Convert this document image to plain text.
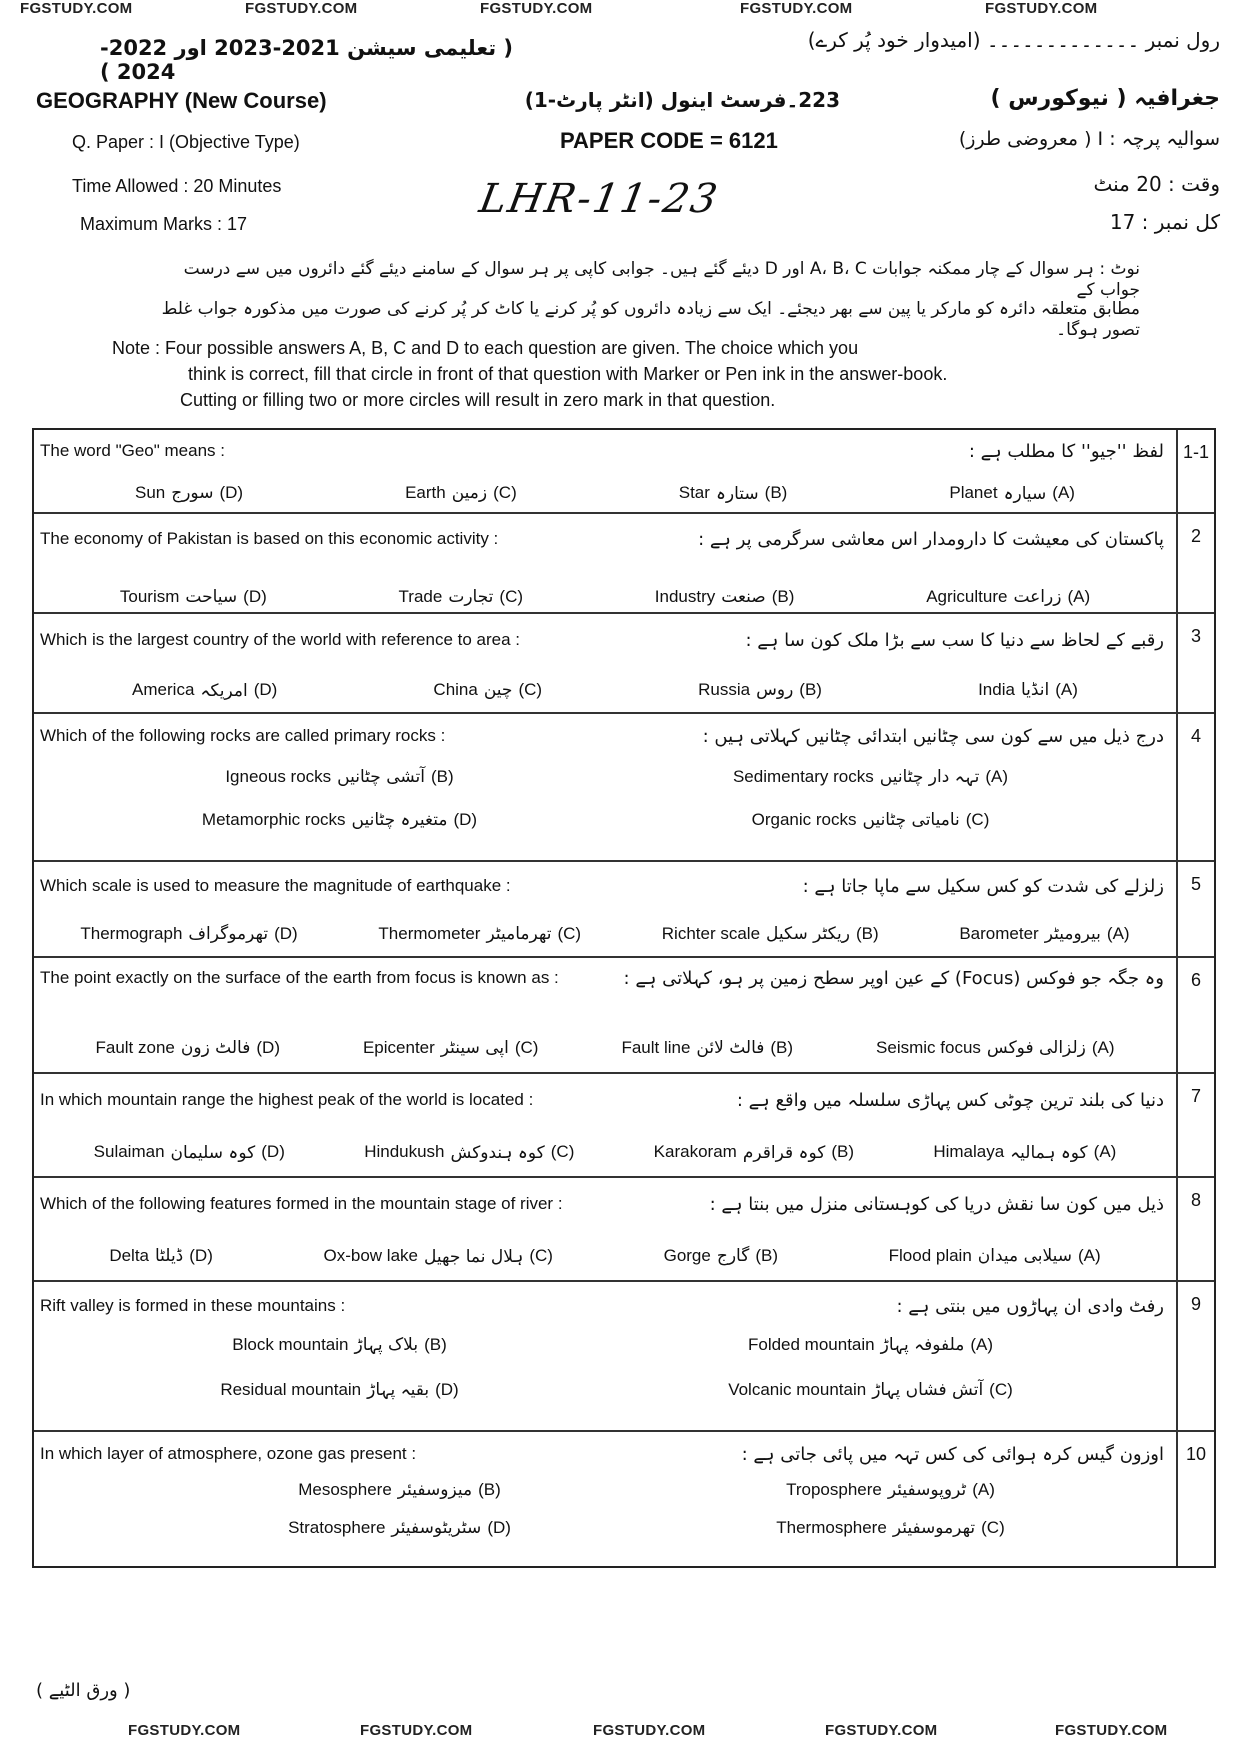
FGSTUDY.COM	FGSTUDY.COM	FGSTUDY.COM	FGSTUDY.COM	FGSTUDY.COM
رول نمبر ۔۔۔۔۔۔۔۔۔۔۔۔۔ (امیدوار خود پُر کرے)
( تعلیمی سیشن 2021-2023 اور 2022-2024 )
GEOGRAPHY (New Course)	223۔فرسٹ اینول (انٹر پارٹ-1)	جغرافیہ ( نیوکورس )
Q. Paper : I (Objective Type)	PAPER CODE = 6121	سوالیہ پرچہ : I ( معروضی طرز)
Time Allowed : 20 Minutes	LHR-11-23	وقت : 20 منٹ
Maximum Marks : 17	کل نمبر : 17
نوٹ : ہر سوال کے چار ممکنہ جوابات A، B، C اور D دیئے گئے ہیں۔ جوابی کاپی پر ہر سوال کے سامنے دیئے گئے دائروں میں سے درست جواب کے
مطابق متعلقہ دائرہ کو مارکر یا پین سے بھر دیجئے۔ ایک سے زیادہ دائروں کو پُر کرنے یا کاٹ کر پُر کرنے کی صورت میں مذکورہ جواب غلط تصور ہوگا۔
Note : Four possible answers A, B, C and D to each question are given. The choice which you
think is correct, fill that circle in front of that question with Marker or Pen ink in the answer-book.
Cutting or filling two or more circles will result in zero mark in that question.
The word "Geo" means :	لفظ ''جیو'' کا مطلب ہے :
Sun سورج (D)	Earth زمین (C)	Star ستارہ (B)	Planet سیارہ (A)
1-1
The economy of Pakistan is based on this economic activity :	پاکستان کی معیشت کا دارومدار اس معاشی سرگرمی پر ہے :
Tourism سیاحت (D)	Trade تجارت (C)	Industry صنعت (B)	Agriculture زراعت (A)
2
Which is the largest country of the world with reference to area :	رقبے کے لحاظ سے دنیا کا سب سے بڑا ملک کون سا ہے :
America امریکہ (D)	China چین (C)	Russia روس (B)	India انڈیا (A)
3
Which of the following rocks are called primary rocks :	درج ذیل میں سے کون سی چٹانیں ابتدائی چٹانیں کہلاتی ہیں :
Igneous rocks آتشی چٹانیں (B)	Sedimentary rocks تہہ دار چٹانیں (A)
Metamorphic rocks متغیرہ چٹانیں (D)	Organic rocks نامیاتی چٹانیں (C)
4
Which scale is used to measure the magnitude of earthquake :	زلزلے کی شدت کو کس سکیل سے ماپا جاتا ہے :
Thermograph تھرموگراف (D)	Thermometer تھرمامیٹر (C)	Richter scale ریکٹر سکیل (B)	Barometer بیرومیٹر (A)
5
The point exactly on the surface of the earth from focus is known as :	وہ جگہ جو فوکس (Focus) کے عین اوپر سطح زمین پر ہو، کہلاتی ہے :
Fault zone فالٹ زون (D)	Epicenter اپی سینٹر (C)	Fault line فالٹ لائن (B)	Seismic focus زلزالی فوکس (A)
6
In which mountain range the highest peak of the world is located :	دنیا کی بلند ترین چوٹی کس پہاڑی سلسلہ میں واقع ہے :
Sulaiman کوہ سلیمان (D)	Hindukush کوہ ہندوکش (C)	Karakoram کوہ قراقرم (B)	Himalaya کوہ ہمالیہ (A)
7
Which of the following features formed in the mountain stage of river :	ذیل میں کون سا نقش دریا کی کوہستانی منزل میں بنتا ہے :
Delta ڈیلٹا (D)	Ox-bow lake ہلال نما جھیل (C)	Gorge گارج (B)	Flood plain سیلابی میدان (A)
8
Rift valley is formed in these mountains :	رفٹ وادی ان پہاڑوں میں بنتی ہے :
Block mountain بلاک پہاڑ (B)	Folded mountain ملفوفہ پہاڑ (A)
Residual mountain بقیہ پہاڑ (D)	Volcanic mountain آتش فشاں پہاڑ (C)
9
In which layer of atmosphere, ozone gas present :	اوزون گیس کرہ ہوائی کی کس تہہ میں پائی جاتی ہے :
Mesosphere میزوسفیئر (B)	Troposphere ٹروپوسفیئر (A)
Stratosphere سٹریٹوسفیئر (D)	Thermosphere تھرموسفیئر (C)
10
( ورق الٹیے )
FGSTUDY.COM	FGSTUDY.COM	FGSTUDY.COM	FGSTUDY.COM	FGSTUDY.COM
